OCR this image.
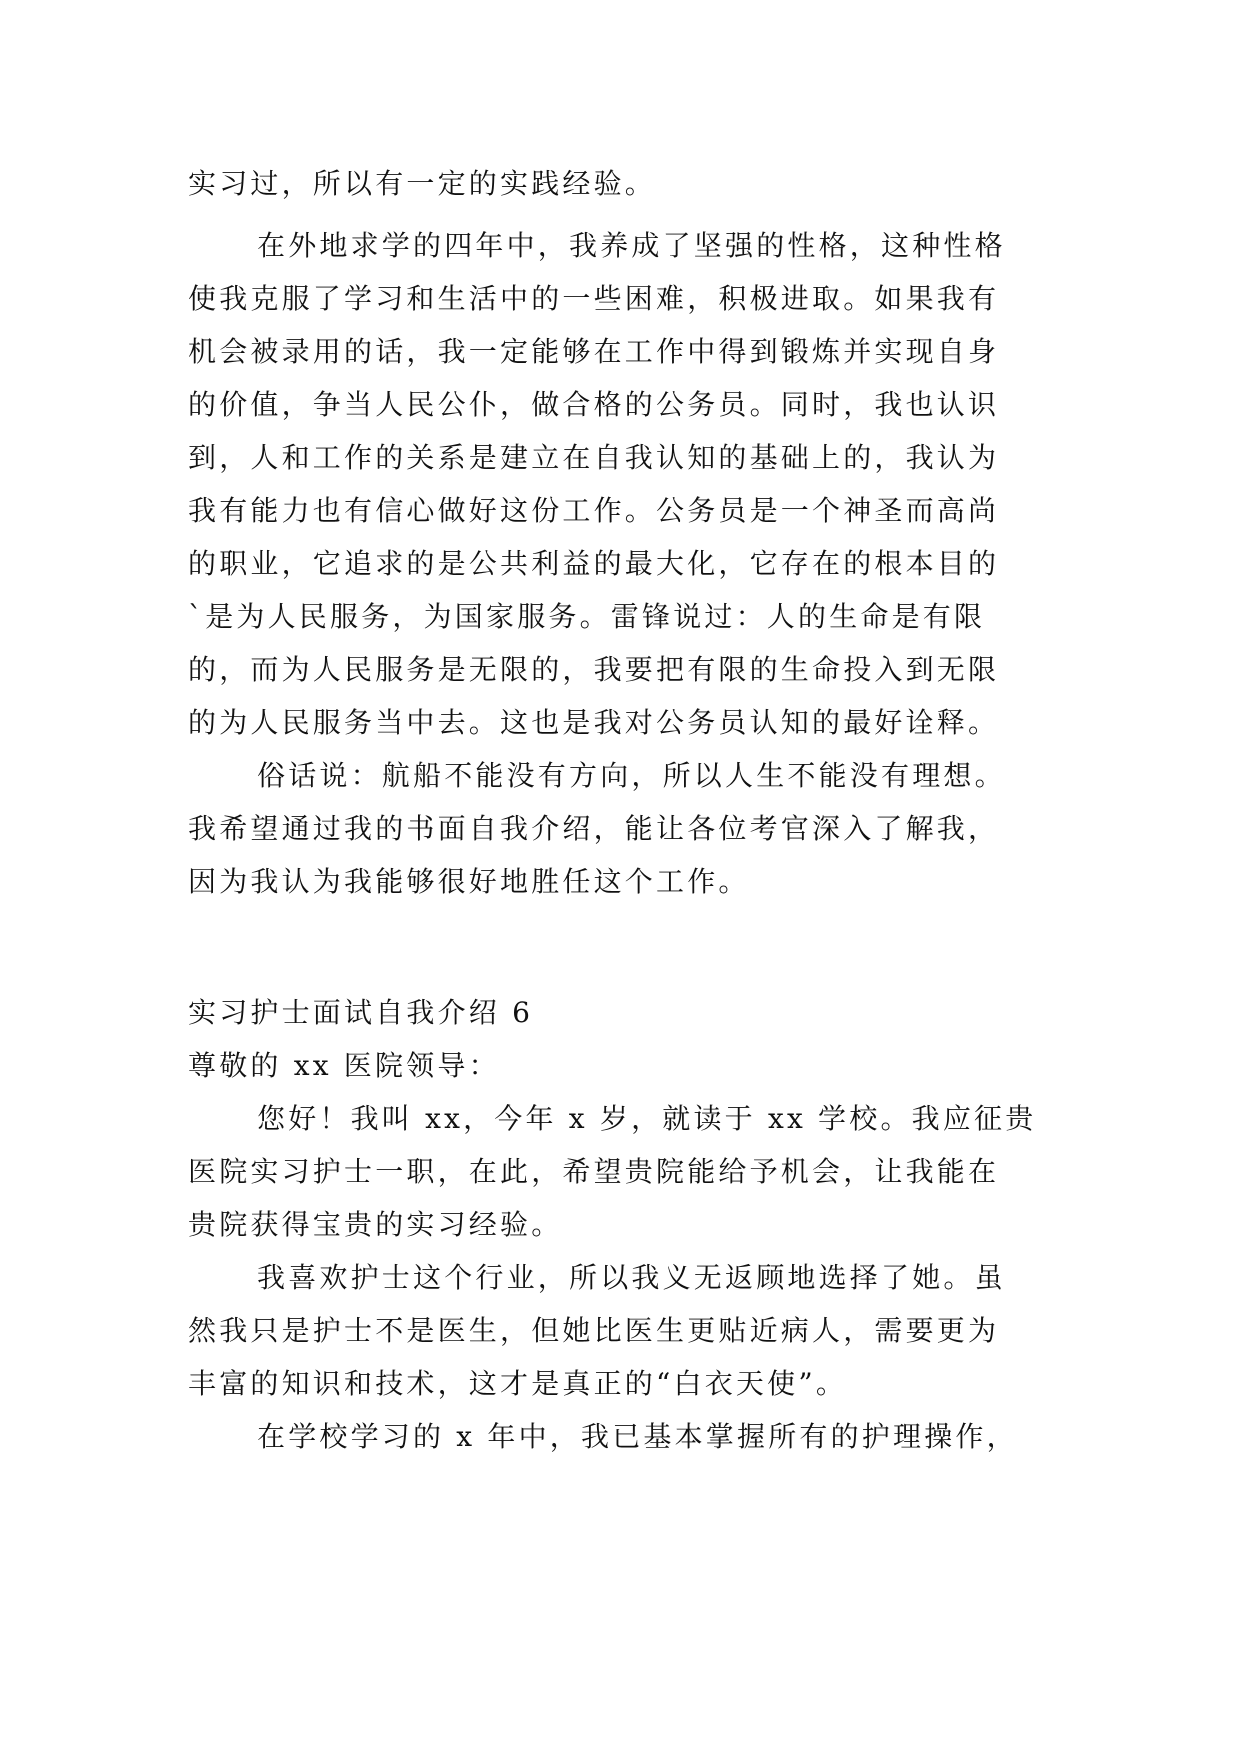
实习过，所以有一定的实践经验。
在外地求学的四年中，我养成了坚强的性格，这种性格
使我克服了学习和生活中的一些困难，积极进取。如果我有
机会被录用的话，我一定能够在工作中得到锻炼并实现自身
的价值，争当人民公仆，做合格的公务员。同时，我也认识
到，人和工作的关系是建立在自我认知的基础上的，我认为
我有能力也有信心做好这份工作。公务员是一个神圣而高尚
的职业，它追求的是公共利益的最大化，它存在的根本目的
`是为人民服务，为国家服务。雷锋说过：人的生命是有限
的，而为人民服务是无限的，我要把有限的生命投入到无限
的为人民服务当中去。这也是我对公务员认知的最好诠释。
俗话说：航船不能没有方向，所以人生不能没有理想。
我希望通过我的书面自我介绍，能让各位考官深入了解我，
因为我认为我能够很好地胜任这个工作。
实习护士面试自我介绍 6
尊敬的 xx 医院领导：
您好！我叫 xx，今年 x 岁，就读于 xx 学校。我应征贵
医院实习护士一职，在此，希望贵院能给予机会，让我能在
贵院获得宝贵的实习经验。
我喜欢护士这个行业，所以我义无返顾地选择了她。虽
然我只是护士不是医生，但她比医生更贴近病人，需要更为
丰富的知识和技术，这才是真正的“白衣天使”。
在学校学习的 x 年中，我已基本掌握所有的护理操作，
